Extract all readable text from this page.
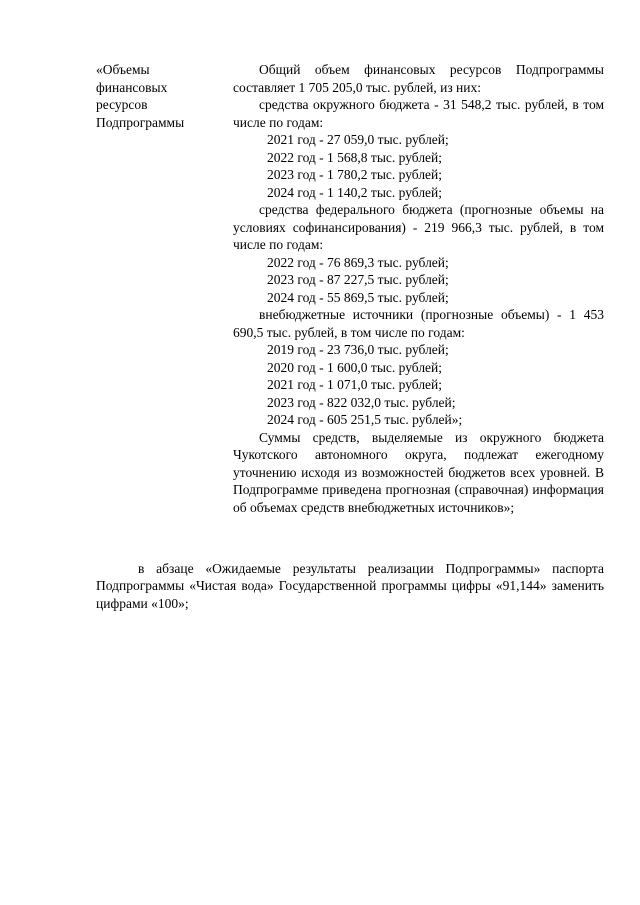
«Объемы
финансовых
ресурсов
Подпрограммы

Общий объем финансовых ресурсов Подпрограммы составляет 1 705 205,0 тыс. рублей, из них:

средства окружного бюджета - 31 548,2 тыс. рублей, в том числе по годам:

2021 год - 27 059,0 тыс. рублей;
2022 год - 1 568,8 тыс. рублей;
2023 год - 1 780,2 тыс. рублей;
2024 год - 1 140,2 тыс. рублей;

средства федерального бюджета (прогнозные объемы на условиях софинансирования) - 219 966,3 тыс. рублей, в том числе по годам:

2022 год - 76 869,3 тыс. рублей;
2023 год - 87 227,5 тыс. рублей;
2024 год - 55 869,5 тыс. рублей;

внебюджетные источники (прогнозные объемы) - 1 453 690,5 тыс. рублей, в том числе по годам:

2019 год - 23 736,0 тыс. рублей;
2020 год - 1 600,0 тыс. рублей;
2021 год - 1 071,0 тыс. рублей;
2023 год - 822 032,0 тыс. рублей;
2024 год - 605 251,5 тыс. рублей»;

Суммы средств, выделяемые из окружного бюджета Чукотского автономного округа, подлежат ежегодному уточнению исходя из возможностей бюджетов всех уровней. В Подпрограмме приведена прогнозная (справочная) информация об объемах средств внебюджетных источников»;

в абзаце «Ожидаемые результаты реализации Подпрограммы» паспорта Подпрограммы «Чистая вода» Государственной программы цифры «91,144» заменить цифрами «100»;
